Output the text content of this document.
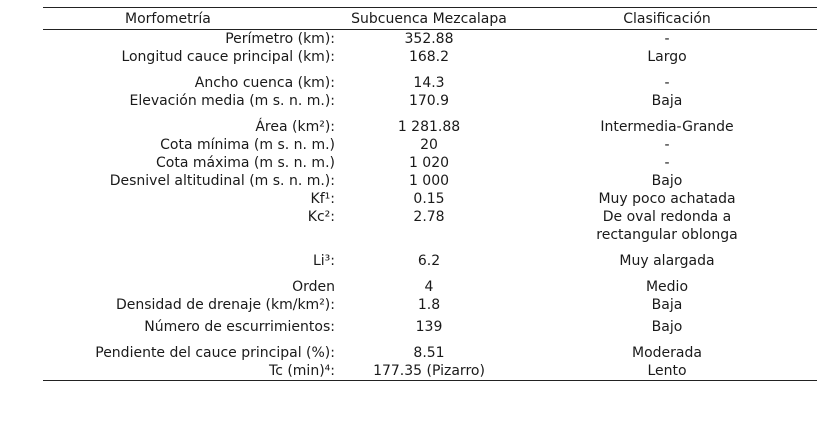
Morfometría	Subcuenca Mezcalapa	Clasificación
Perímetro (km):	352.88	-
Longitud cauce principal (km):	168.2	Largo
Ancho cuenca (km):	14.3	-
Elevación media (m s. n. m.):	170.9	Baja
Área (km²):	1 281.88	Intermedia-Grande
Cota mínima (m s. n. m.)	20	-
Cota máxima (m s. n. m.)	1 020	-
Desnivel altitudinal (m s. n. m.):	1 000	Bajo
Kf¹:	0.15	Muy poco achatada
Kc²:	2.78	De oval redonda a
rectangular oblonga

Li³:	6.2	Muy alargada
Orden	4	Medio
Densidad de drenaje (km/km²):	1.8	Baja
Número de escurrimientos:	139	Bajo
Pendiente del cauce principal (%):	8.51	Moderada
Tc (min)⁴:	177.35 (Pizarro)	Lento
